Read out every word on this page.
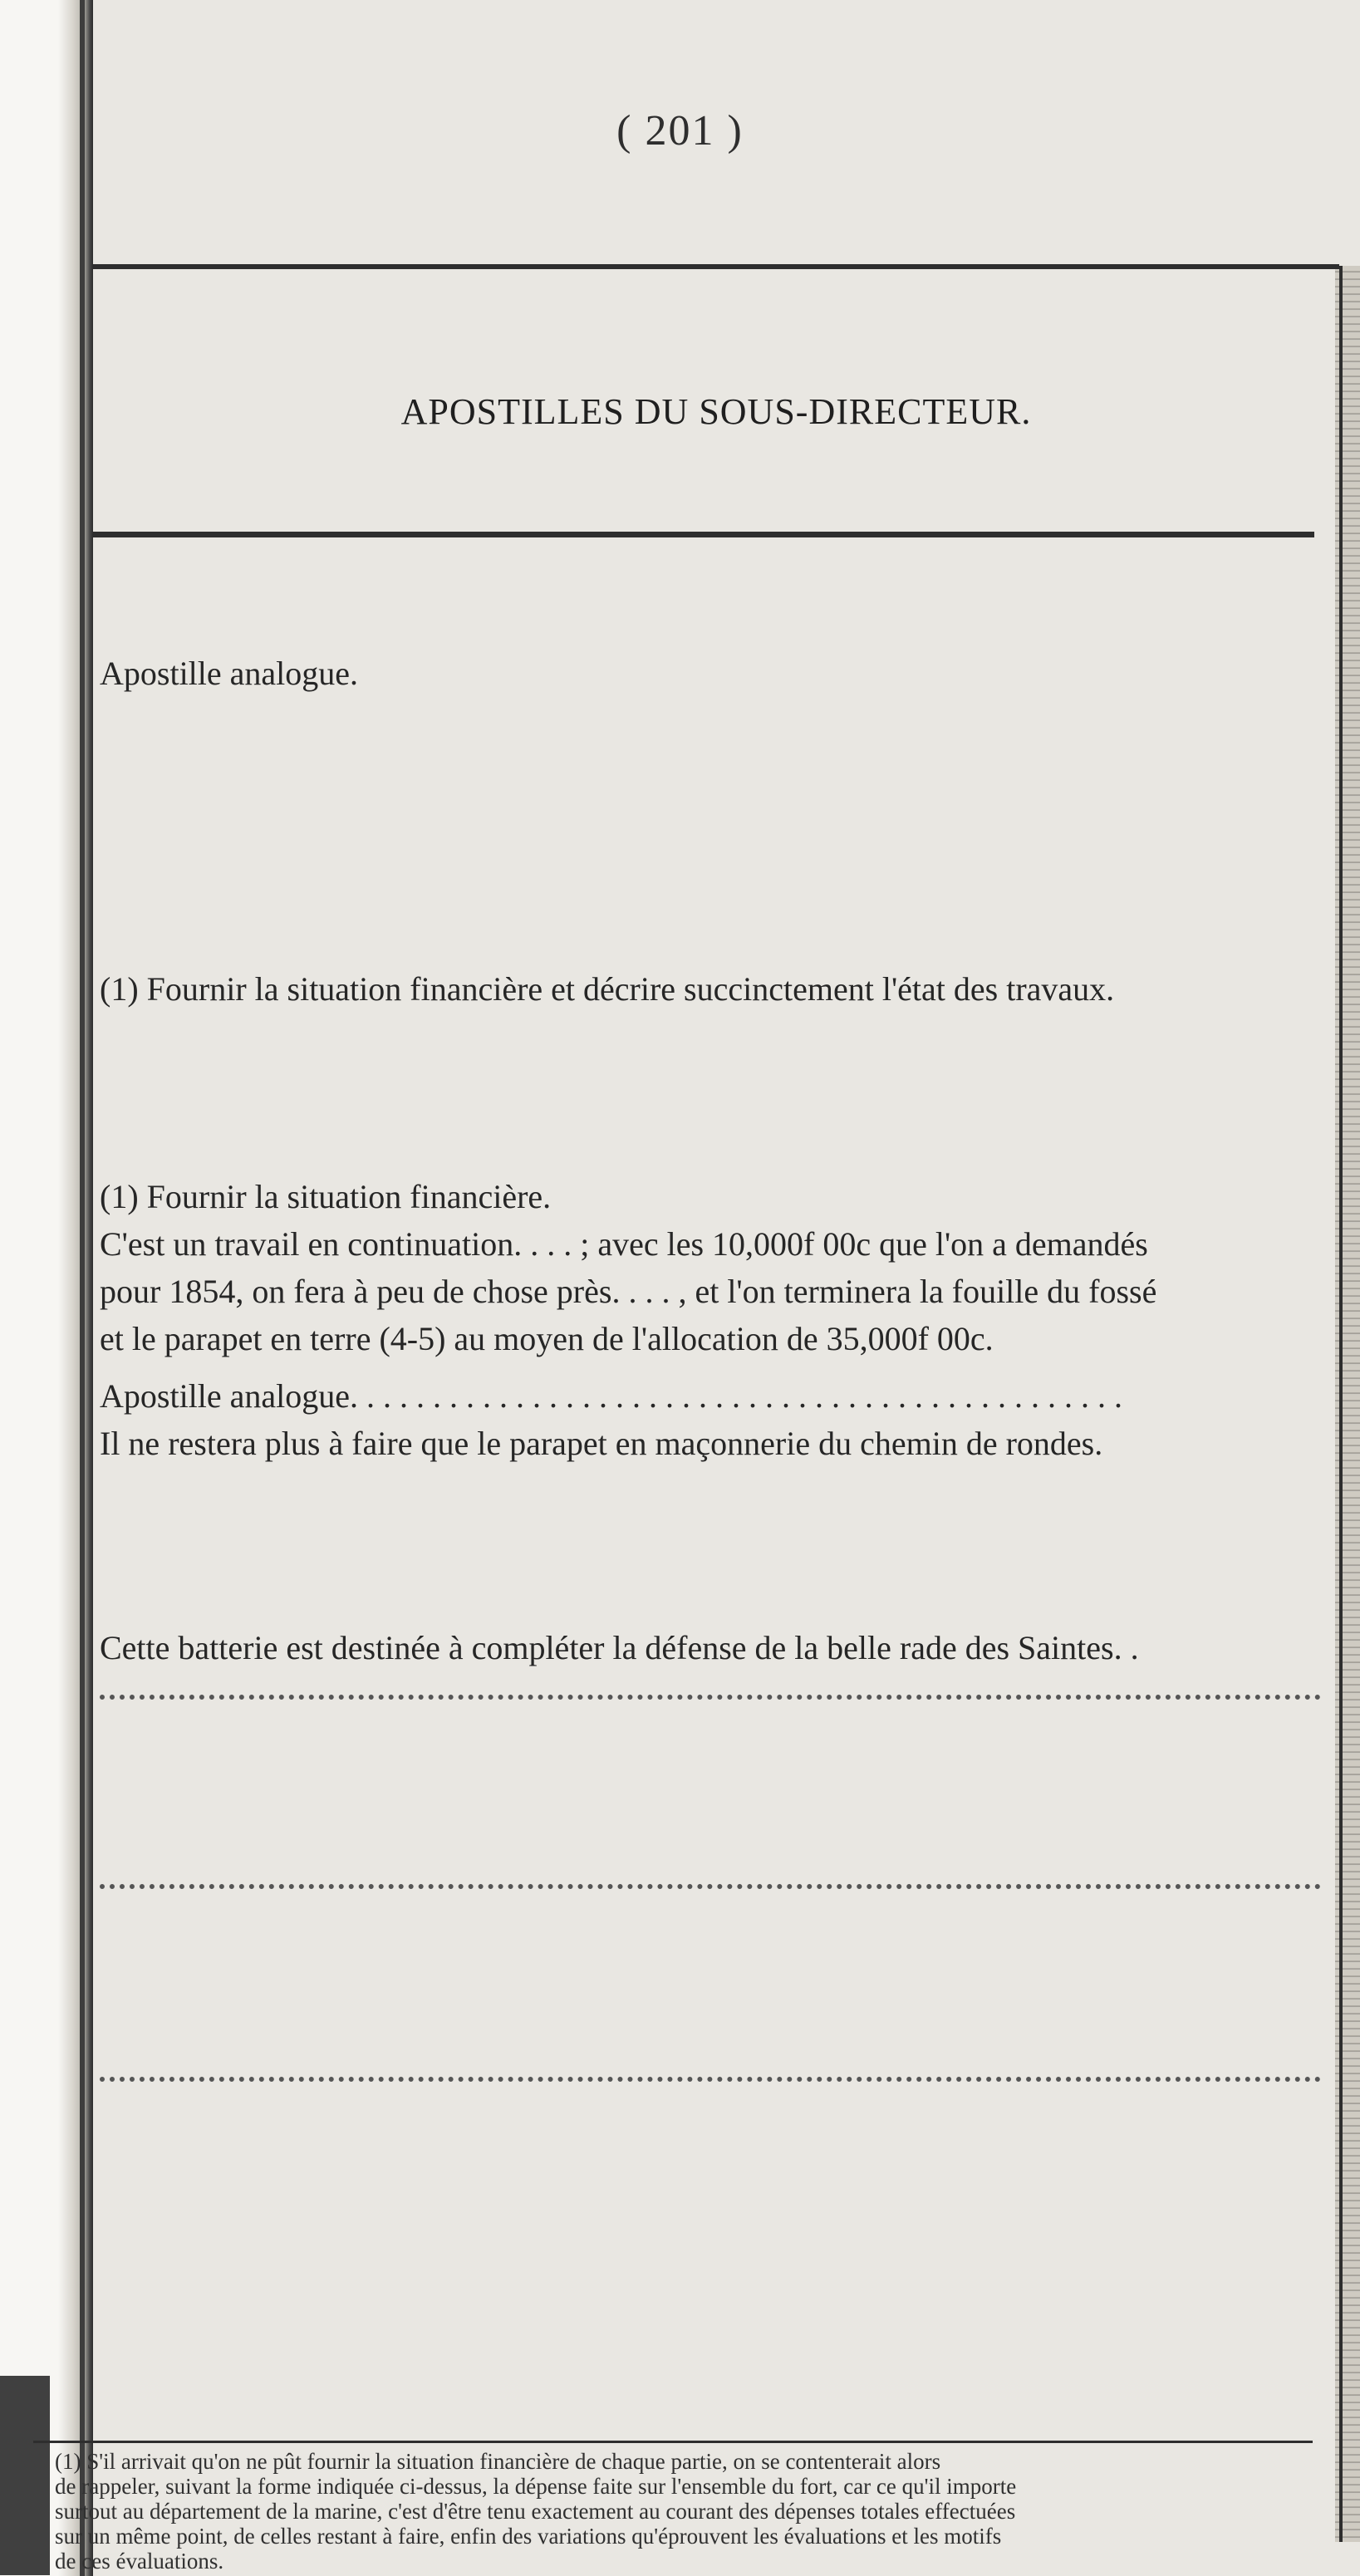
( 201 )
APOSTILLES DU SOUS-DIRECTEUR.
Apostille analogue.
(1) Fournir la situation financière et décrire succinctement l'état des travaux.
(1) Fournir la situation financière.
C'est un travail en continuation. . . . ; avec les 10,000f 00c que l'on a demandés
pour 1854, on fera à peu de chose près. . . . , et l'on terminera la fouille du fossé
et le parapet en terre (4-5) au moyen de l'allocation de 35,000f 00c.
Apostille analogue. . . . . . . . . . . . . . . . . . . . . . . . . . . . . . . . . . . . . . . . . . . . . . .
Il ne restera plus à faire que le parapet en maçonnerie du chemin de rondes.
Cette batterie est destinée à compléter la défense de la belle rade des Saintes. .

(1) S'il arrivait qu'on ne pût fournir la situation financière de chaque partie, on se contenterait alors

de rappeler, suivant la forme indiquée ci-dessus, la dépense faite sur l'ensemble du fort, car ce qu'il importe

surtout au département de la marine, c'est d'être tenu exactement au courant des dépenses totales effectuées

sur un même point, de celles restant à faire, enfin des variations qu'éprouvent les évaluations et les motifs

de ces évaluations.
